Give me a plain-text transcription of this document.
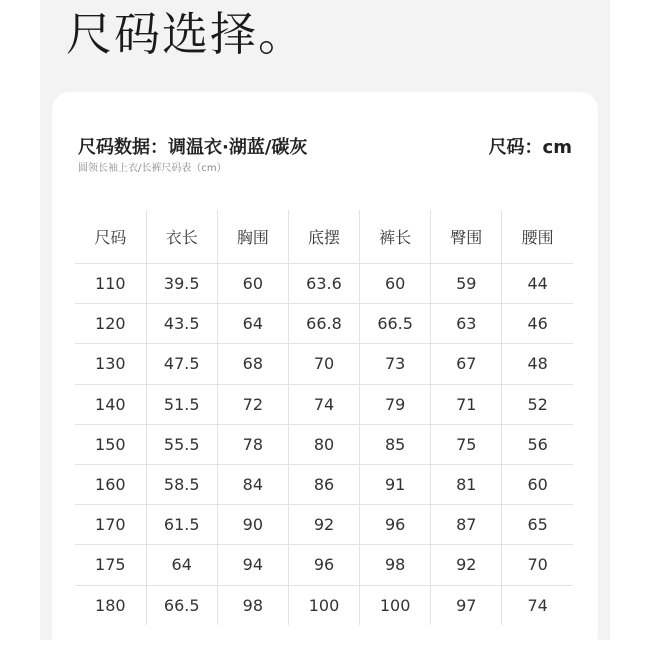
尺码选择。
尺码数据：调温衣·湖蓝/碳灰	尺码：cm
圆领长袖上衣/长裤尺码表（cm）
尺码	衣长	胸围	底摆	裤长	臀围	腰围
110	39.5	60	63.6	60	59	44
120	43.5	64	66.8	66.5	63	46
130	47.5	68	70	73	67	48
140	51.5	72	74	79	71	52
150	55.5	78	80	85	75	56
160	58.5	84	86	91	81	60
170	61.5	90	92	96	87	65
175	64	94	96	98	92	70
180	66.5	98	100	100	97	74
